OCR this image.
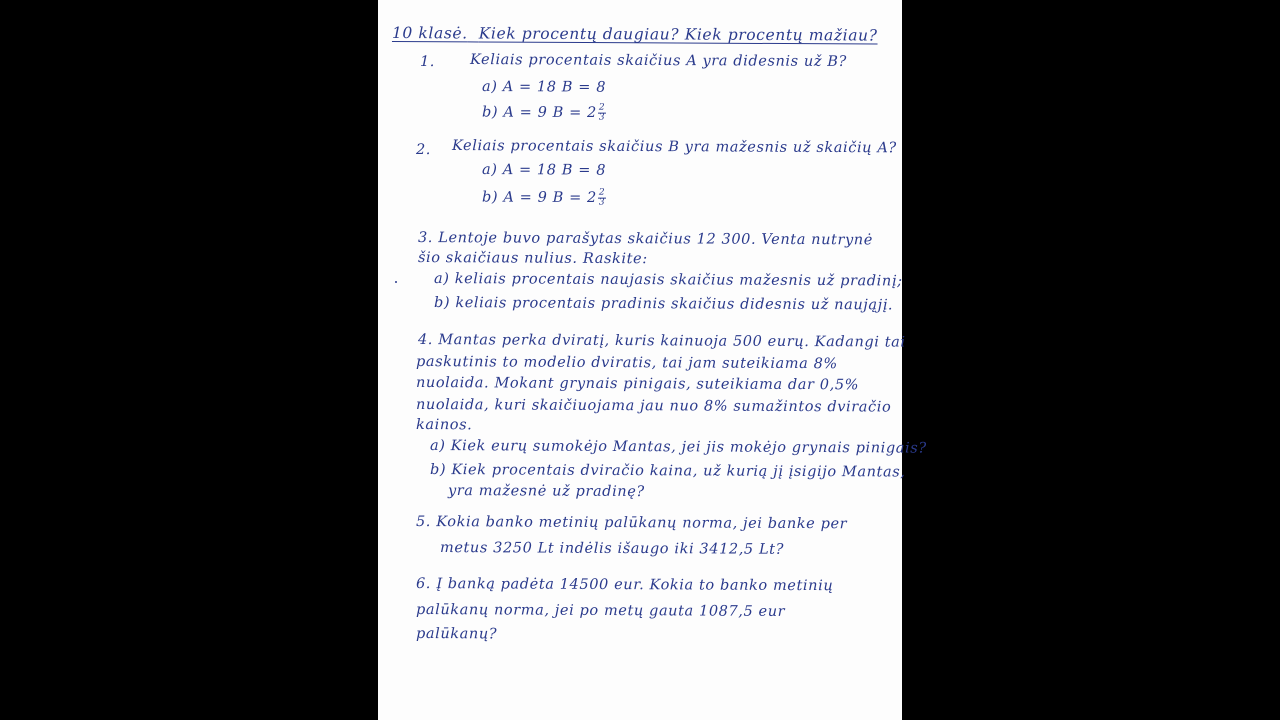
10 klasė. Kiek procentų daugiau? Kiek procentų mažiau?
1. Keliais procentais skaičius A yra didesnis už B?
a) A = 18 B = 8
b) A = 9 $B = 2 \frac{2}{3}$
2. Keliais procentais skaičius B yra mažesnis už skaičių A?
a) A = 18 B = 8
b) A = 9 $B = 2 \frac{2}{3}$
3. Lentoje buvo parašytas skaičius 12 300. Venta nutrynė
šio skaičiaus nulius. Raskite:
a) keliais procentais naujasis skaičius mažesnis už pradinį;
b) keliais procentais pradinis skaičius didesnis už naująjį.
4. Mantas perka dviratį, kuris kainuoja 500 eurų. Kadangi tai
paskutinis to modelio dviratis, tai jam suteikiama 8%
nuolaida. Mokant grynais pinigais, suteikiama dar 0,5%
nuolaida, kuri skaičiuojama jau nuo 8% sumažintos dviračio
kainos.
a) Kiek eurų sumokėjo Mantas, jei jis mokėjo grynais pinigais?
b) Kiek procentais dviračio kaina, už kurią jį įsigijo Mantas,
yra mažesnė už pradinę?
5. Kokia banko metinių palūkanų norma, jei banke per
metus 3250 Lt indėlis išaugo iki 3412,5 Lt?
6. Į banką padėta 14500 eur. Kokia to banko metinių
palūkanų norma, jei po metų gauta 1087,5 eur
palūkanų?
